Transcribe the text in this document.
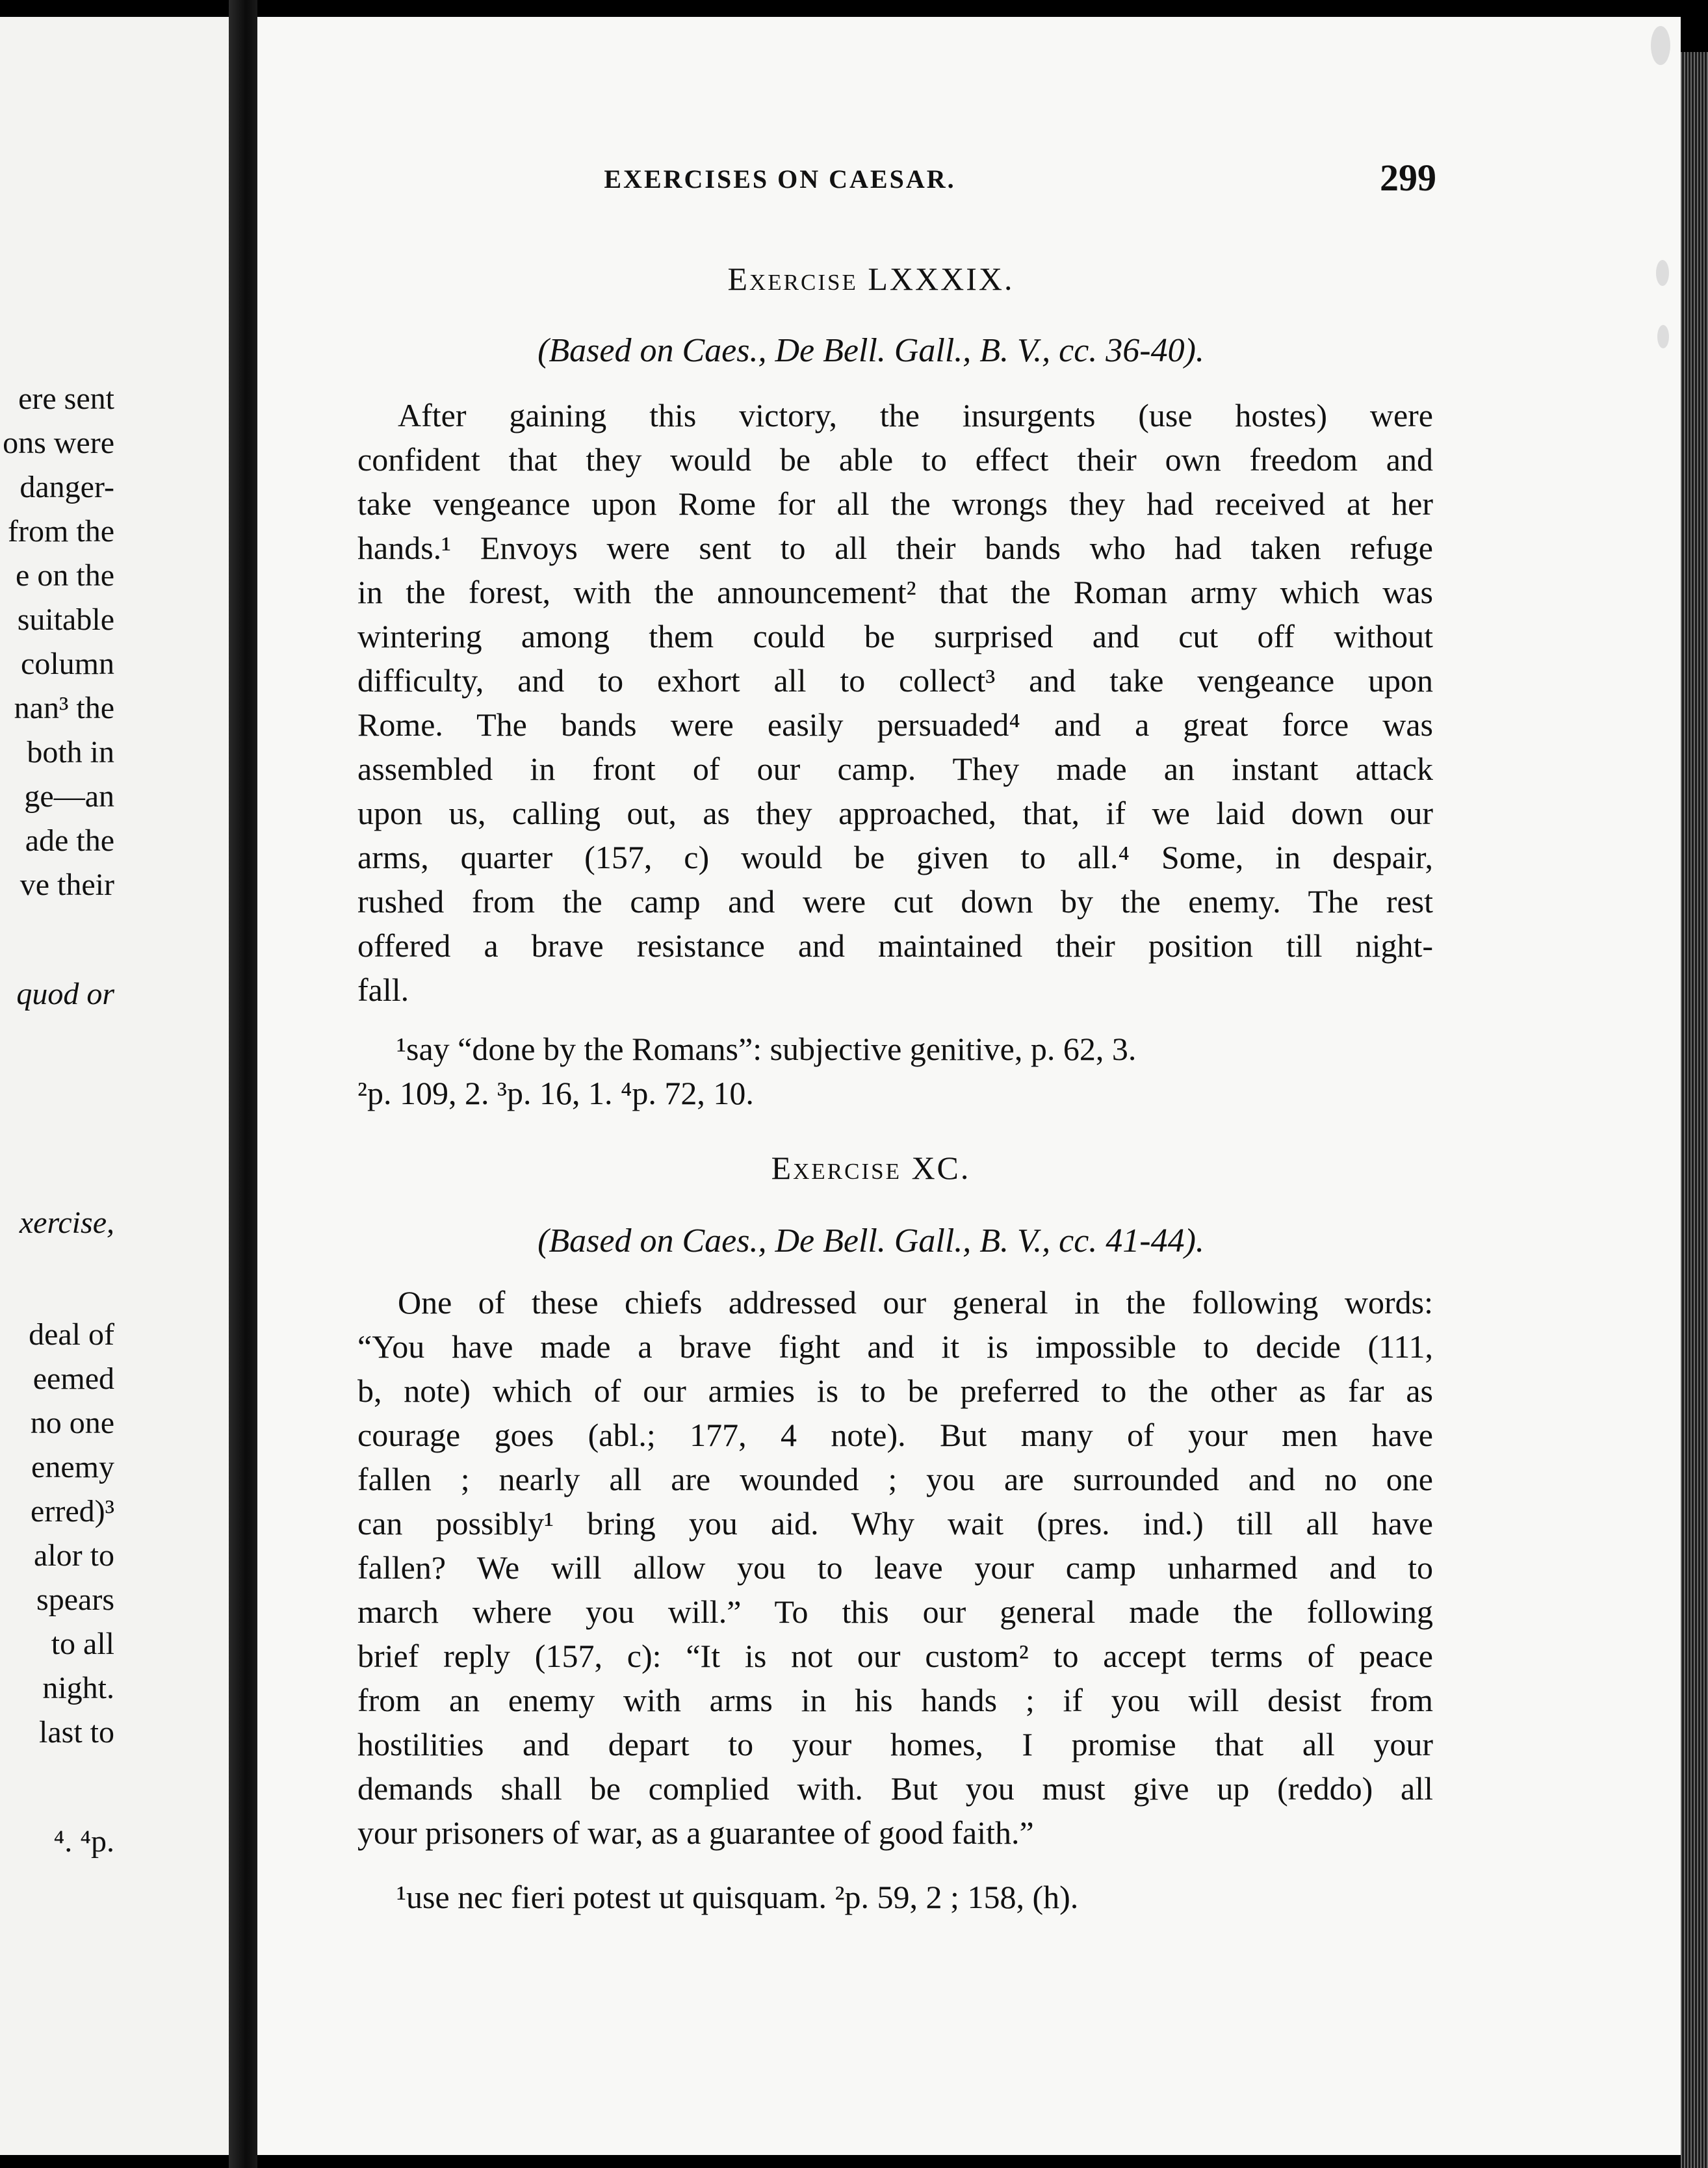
ere sent
ons were
danger-
from the
e on the
suitable
column
nan³ the
both in
ge—an
ade the
ve their
quod or
xercise,
deal of
eemed
no one
enemy
erred)³
alor to
spears
to all
night.
last to
⁴. ⁴p.
EXERCISES ON CAESAR.	299
Exercise LXXXIX.
(Based on Caes., De Bell. Gall., B. V., cc. 36-40).
After gaining this victory, the insurgents (use hostes) were
confident that they would be able to effect their own freedom and
take vengeance upon Rome for all the wrongs they had received at her
hands.¹ Envoys were sent to all their bands who had taken refuge
in the forest, with the announcement² that the Roman army which was
wintering among them could be surprised and cut off without
difficulty, and to exhort all to collect³ and take vengeance upon
Rome. The bands were easily persuaded⁴ and a great force was
assembled in front of our camp. They made an instant attack
upon us, calling out, as they approached, that, if we laid down our
arms, quarter (157, c) would be given to all.⁴ Some, in despair,
rushed from the camp and were cut down by the enemy. The rest
offered a brave resistance and maintained their position till night-
fall.
¹say “done by the Romans”: subjective genitive, p. 62, 3.
²p. 109, 2. ³p. 16, 1. ⁴p. 72, 10.
Exercise XC.
(Based on Caes., De Bell. Gall., B. V., cc. 41-44).
One of these chiefs addressed our general in the following words:
“You have made a brave fight and it is impossible to decide (111,
b, note) which of our armies is to be preferred to the other as far as
courage goes (abl.; 177, 4 note). But many of your men have
fallen ; nearly all are wounded ; you are surrounded and no one
can possibly¹ bring you aid. Why wait (pres. ind.) till all have
fallen? We will allow you to leave your camp unharmed and to
march where you will.” To this our general made the following
brief reply (157, c): “It is not our custom² to accept terms of peace
from an enemy with arms in his hands ; if you will desist from
hostilities and depart to your homes, I promise that all your
demands shall be complied with. But you must give up (reddo) all
your prisoners of war, as a guarantee of good faith.”
¹use nec fieri potest ut quisquam. ²p. 59, 2 ; 158, (h).
